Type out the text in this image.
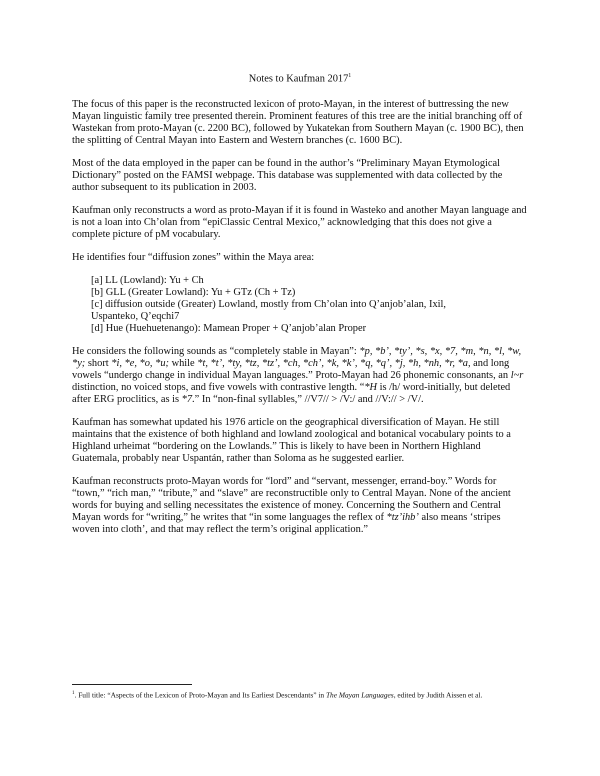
Notes to Kaufman 2017$^1$

The focus of this paper is the reconstructed lexicon of proto-Mayan, in the interest of buttressing the new Mayan linguistic family tree presented therein. Prominent features of this tree are the initial branching off of Wastekan from proto-Mayan (c. 2200 BC), followed by Yukatekan from Southern Mayan (c. 1900 BC), then the splitting of Central Mayan into Eastern and Western branches (c. 1600 BC).

Most of the data employed in the paper can be found in the author’s “Preliminary Mayan Etymological Dictionary” posted on the FAMSI webpage. This database was supplemented with data collected by the author subsequent to its publication in 2003.

Kaufman only reconstructs a word as proto-Mayan if it is found in Wasteko and another Mayan language and is not a loan into Ch’olan from “epiClassic Central Mexico,” acknowledging that this does not give a complete picture of pM vocabulary.

He identifies four “diffusion zones” within the Maya area:

[a] LL (Lowland): Yu + Ch
[b] GLL (Greater Lowland): Yu + GTz (Ch + Tz)
[c] diffusion outside (Greater) Lowland, mostly from Ch’olan into Q’anjob’alan, Ixil,
Uspanteko, Q’eqchi7
[d] Hue (Huehuetenango): Mamean Proper + Q’anjob’alan Proper

He considers the following sounds as “completely stable in Mayan”: *p, *b’, *ty’, *s, *x, *7, *m, *n, *l, *w, *y; short *i, *e, *o, *u; while *t, *t’, *ty, *tz, *tz’, *ch, *ch’, *k, *k’, *q, *q’, *j, *h, *nh, *r, *a, and long vowels “undergo change in individual Mayan languages.” Proto-Mayan had 26 phonemic consonants, an l~r distinction, no voiced stops, and five vowels with contrastive length. “*H is /h/ word-initially, but deleted after ERG proclitics, as is *7.” In “non-final syllables,” //V7// > /V:/ and //V:// > /V/.

Kaufman has somewhat updated his 1976 article on the geographical diversification of Mayan. He still maintains that the existence of both highland and lowland zoological and botanical vocabulary points to a Highland urheimat “bordering on the Lowlands.” This is likely to have been in Northern Highland Guatemala, probably near Uspantán, rather than Soloma as he suggested earlier.

Kaufman reconstructs proto-Mayan words for “lord” and “servant, messenger, errand-boy.” Words for “town,” “rich man,” “tribute,” and “slave” are reconstructible only to Central Mayan. None of the ancient words for buying and selling necessitates the existence of money. Concerning the Southern and Central Mayan words for “writing,” he writes that “in some languages the reflex of *tz’ihb’ also means ‘stripes woven into cloth’, and that may reflect the term’s original application.”

$^1$. Full title: “Aspects of the Lexicon of Proto-Mayan and Its Earliest Descendants” in The Mayan Languages, edited by Judith Aissen et al.
